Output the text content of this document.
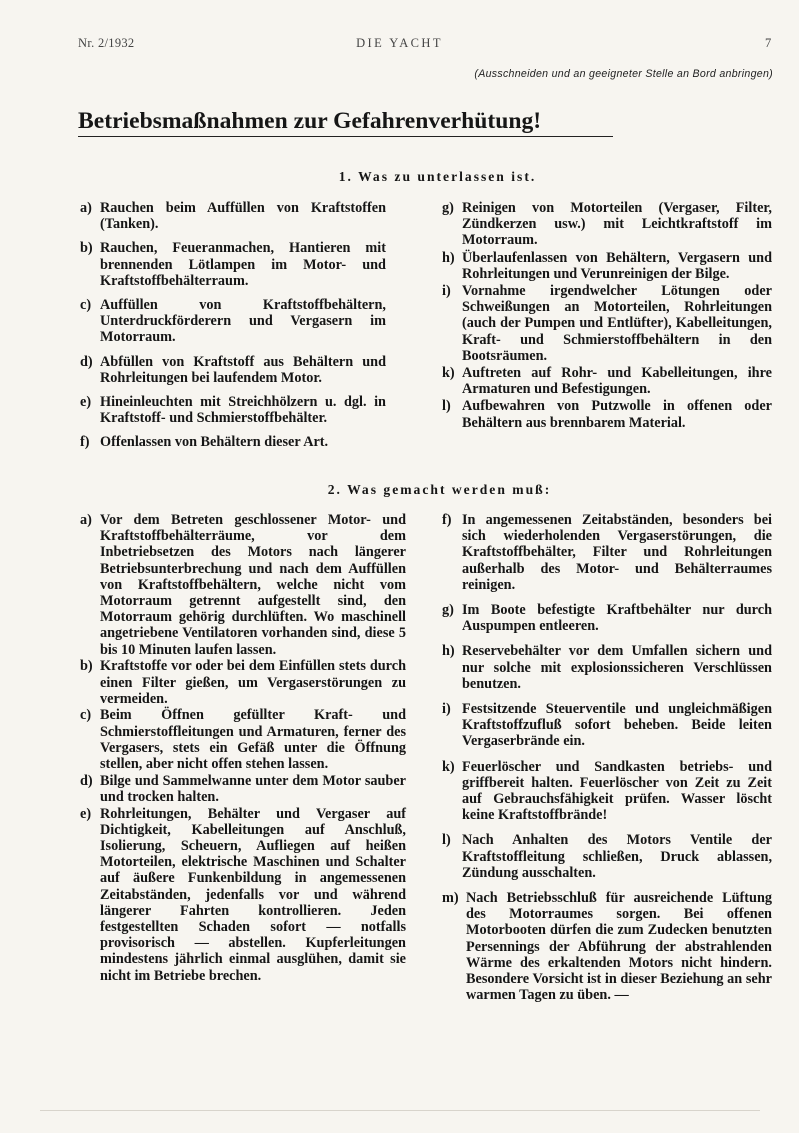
Nr. 2/1932	DIE YACHT	7
(Ausschneiden und an geeigneter Stelle an Bord anbringen)
Betriebsmaßnahmen zur Gefahrenverhütung!
1. Was zu unterlassen ist.
a) Rauchen beim Auffüllen von Kraftstoffen (Tanken).
b) Rauchen, Feueranmachen, Hantieren mit brennenden Lötlampen im Motor- und Kraftstoffbehälterraum.
c) Auffüllen von Kraftstoffbehältern, Unterdruckförderern und Vergasern im Motorraum.
d) Abfüllen von Kraftstoff aus Behältern und Rohrleitungen bei laufendem Motor.
e) Hineinleuchten mit Streichhölzern u. dgl. in Kraftstoff- und Schmierstoffbehälter.
f) Offenlassen von Behältern dieser Art.
g) Reinigen von Motorteilen (Vergaser, Filter, Zündkerzen usw.) mit Leichtkraftstoff im Motorraum.
h) Überlaufenlassen von Behältern, Vergasern und Rohrleitungen und Verunreinigen der Bilge.
i) Vornahme irgendwelcher Lötungen oder Schweißungen an Motorteilen, Rohrleitungen (auch der Pumpen und Entlüfter), Kabelleitungen, Kraft- und Schmierstoffbehältern in den Bootsräumen.
k) Auftreten auf Rohr- und Kabelleitungen, ihre Armaturen und Befestigungen.
l) Aufbewahren von Putzwolle in offenen oder Behältern aus brennbarem Material.
2. Was gemacht werden muß:
a) Vor dem Betreten geschlossener Motor- und Kraftstoffbehälterräume, vor dem Inbetriebsetzen des Motors nach längerer Betriebsunterbrechung und nach dem Auffüllen von Kraftstoffbehältern, welche nicht vom Motorraum getrennt aufgestellt sind, den Motorraum gehörig durchlüften. Wo maschinell angetriebene Ventilatoren vorhanden sind, diese 5 bis 10 Minuten laufen lassen.
b) Kraftstoffe vor oder bei dem Einfüllen stets durch einen Filter gießen, um Vergaserstörungen zu vermeiden.
c) Beim Öffnen gefüllter Kraft- und Schmierstoffleitungen und Armaturen, ferner des Vergasers, stets ein Gefäß unter die Öffnung stellen, aber nicht offen stehen lassen.
d) Bilge und Sammelwanne unter dem Motor sauber und trocken halten.
e) Rohrleitungen, Behälter und Vergaser auf Dichtigkeit, Kabelleitungen auf Anschluß, Isolierung, Scheuern, Aufliegen auf heißen Motorteilen, elektrische Maschinen und Schalter auf äußere Funkenbildung in angemessenen Zeitabständen, jedenfalls vor und während längerer Fahrten kontrollieren. Jeden festgestellten Schaden sofort — notfalls provisorisch — abstellen. Kupferleitungen mindestens jährlich einmal ausglühen, damit sie nicht im Betriebe brechen.
f) In angemessenen Zeitabständen, besonders bei sich wiederholenden Vergaserstörungen, die Kraftstoffbehälter, Filter und Rohrleitungen außerhalb des Motor- und Behälterraumes reinigen.
g) Im Boote befestigte Kraftbehälter nur durch Auspumpen entleeren.
h) Reservebehälter vor dem Umfallen sichern und nur solche mit explosionssicheren Verschlüssen benutzen.
i) Festsitzende Steuerventile und ungleichmäßigen Kraftstoffzufluß sofort beheben. Beide leiten Vergaserbrände ein.
k) Feuerlöscher und Sandkasten betriebs- und griffbereit halten. Feuerlöscher von Zeit zu Zeit auf Gebrauchsfähigkeit prüfen. Wasser löscht keine Kraftstoffbrände!
l) Nach Anhalten des Motors Ventile der Kraftstoffleitung schließen, Druck ablassen, Zündung ausschalten.
m) Nach Betriebsschluß für ausreichende Lüftung des Motorraumes sorgen. Bei offenen Motorbooten dürfen die zum Zudecken benutzten Persennings der Abführung der abstrahlenden Wärme des erkaltenden Motors nicht hindern. Besondere Vorsicht ist in dieser Beziehung an sehr warmen Tagen zu üben. —
